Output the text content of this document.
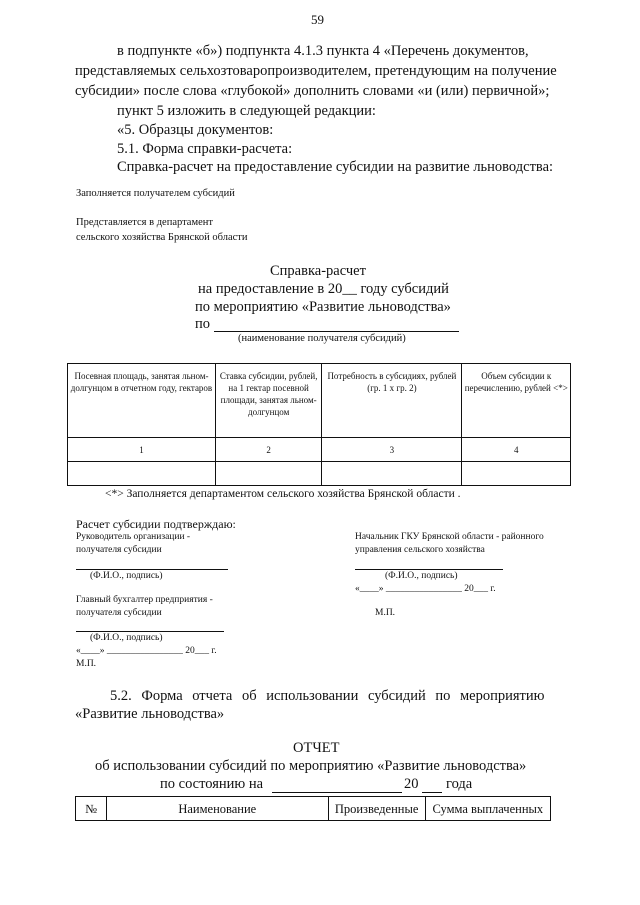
59
в подпункте «б») подпункта 4.1.3 пункта 4 «Перечень документов,
представляемых сельхозтоваропроизводителем, претендующим на получение
субсидии» после слова «глубокой» дополнить словами «и (или) первичной»;
пункт 5 изложить в следующей редакции:
«5. Образцы документов:
5.1. Форма справки-расчета:
Справка-расчет на предоставление субсидии на развитие льноводства:
Заполняется получателем субсидий
Представляется в департамент
сельского хозяйства Брянской области
Справка-расчет
на предоставление в 20__ году субсидий
по мероприятию «Развитие льноводства»
по
(наименование получателя субсидий)
Посевная площадь, занятая льном-долгунцом в отчетном году, гектаров	Ставка субсидии, рублей, на 1 гектар посевной площади, занятая льном-долгунцом	Потребность в субсидиях, рублей (гр. 1 х гр. 2)	Объем субсидии к перечислению, рублей <*>
1	2	3	4

<*> Заполняется департаментом сельского хозяйства Брянской области .
Расчет субсидии подтверждаю:
Руководитель организации -
получателя субсидии
(Ф.И.О., подпись)
Главный бухгалтер предприятия -
получателя субсидии
(Ф.И.О., подпись)
«____» ________________ 20___ г.
М.П.
Начальник ГКУ Брянской области - районного
управления сельского хозяйства
(Ф.И.О., подпись)
«____» ________________ 20___ г.
М.П.
5.2. Форма отчета об использовании субсидий по мероприятию
«Развитие льноводства»
ОТЧЕТ
об использовании субсидий по мероприятию «Развитие льноводства»
по состоянию на	20 года
№	Наименование	Произведенные	Сумма выплаченных
